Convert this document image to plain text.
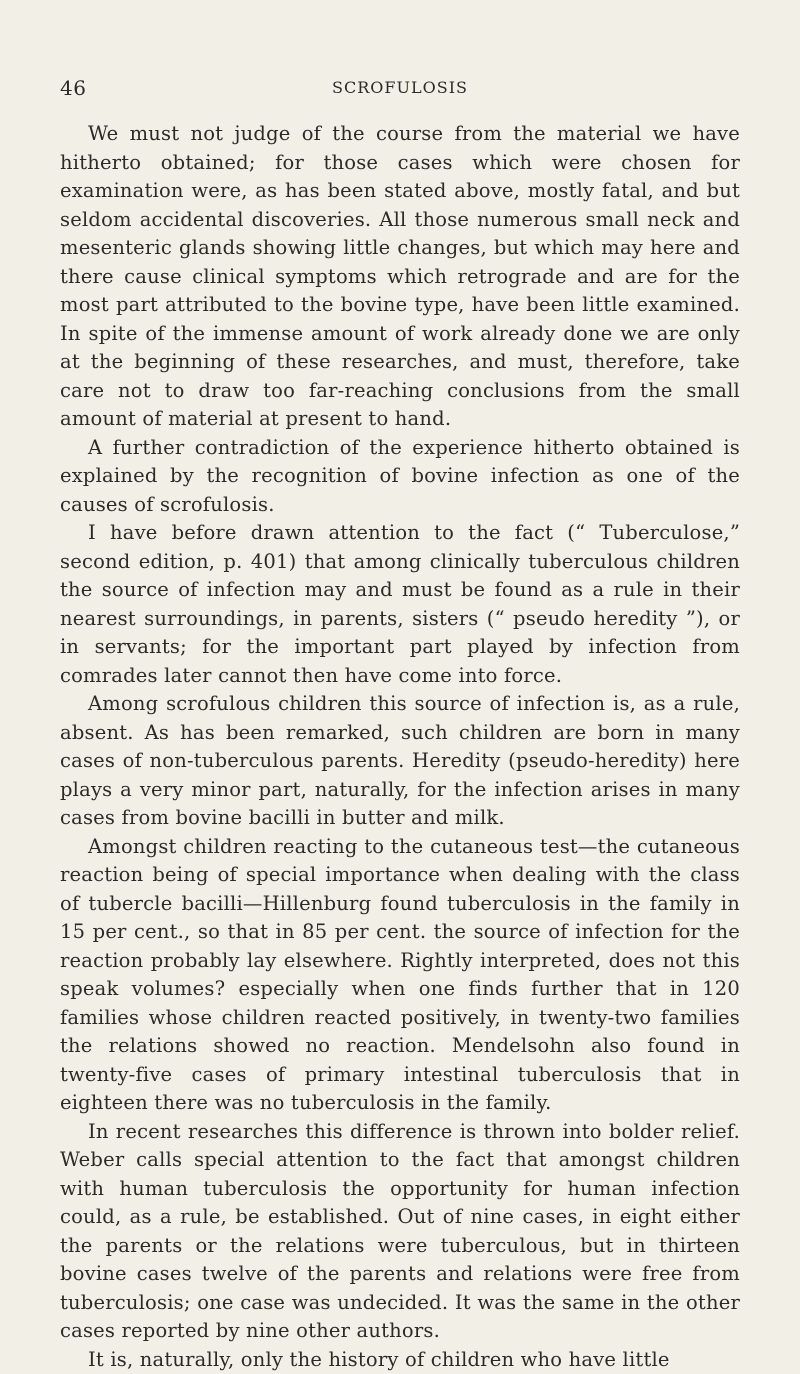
46	SCROFULOSIS

We must not judge of the course from the material we have hitherto obtained; for those cases which were chosen for examination were, as has been stated above, mostly fatal, and but seldom accidental discoveries. All those numerous small neck and mesenteric glands showing little changes, but which may here and there cause clinical symptoms which retrograde and are for the most part attributed to the bovine type, have been little examined. In spite of the immense amount of work already done we are only at the beginning of these researches, and must, therefore, take care not to draw too far-reaching conclusions from the small amount of material at present to hand.

A further contradiction of the experience hitherto obtained is explained by the recognition of bovine infection as one of the causes of scrofulosis.

I have before drawn attention to the fact (“ Tuberculose,” second edition, p. 401) that among clinically tuberculous children the source of infection may and must be found as a rule in their nearest surroundings, in parents, sisters (“ pseudo heredity ”), or in servants; for the important part played by infection from comrades later cannot then have come into force.

Among scrofulous children this source of infection is, as a rule, absent. As has been remarked, such children are born in many cases of non-tuberculous parents. Heredity (pseudo-heredity) here plays a very minor part, naturally, for the infection arises in many cases from bovine bacilli in butter and milk.

Amongst children reacting to the cutaneous test—the cutaneous reaction being of special importance when dealing with the class of tubercle bacilli—Hillenburg found tuberculosis in the family in 15 per cent., so that in 85 per cent. the source of infection for the reaction probably lay elsewhere. Rightly interpreted, does not this speak volumes? especially when one finds further that in 120 families whose children reacted positively, in twenty-two families the relations showed no reaction. Mendelsohn also found in twenty-five cases of primary intestinal tuberculosis that in eighteen there was no tuberculosis in the family.

In recent researches this difference is thrown into bolder relief. Weber calls special attention to the fact that amongst children with human tuberculosis the opportunity for human infection could, as a rule, be established. Out of nine cases, in eight either the parents or the relations were tuberculous, but in thirteen bovine cases twelve of the parents and relations were free from tuberculosis; one case was undecided. It was the same in the other cases reported by nine other authors.

It is, naturally, only the history of children who have little
